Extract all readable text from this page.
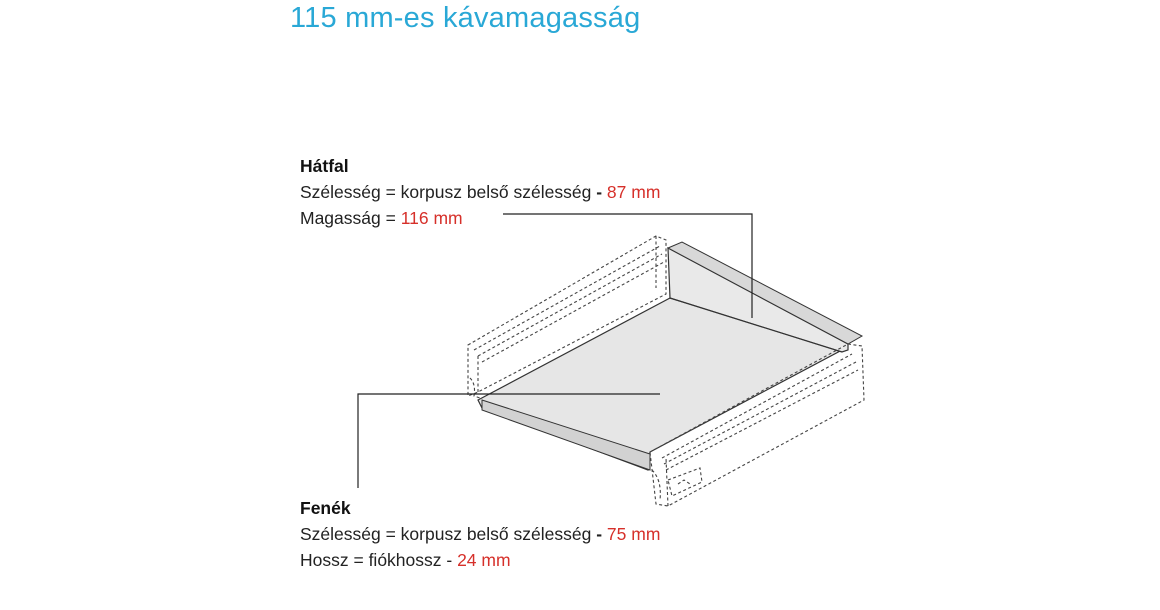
115 mm-es kávamagasság
Hátfal
Szélesség = korpusz belső szélesség - 87 mm
Magasság = 116 mm
Fenék
Szélesség = korpusz belső szélesség - 75 mm
Hossz = fiókhossz - 24 mm
